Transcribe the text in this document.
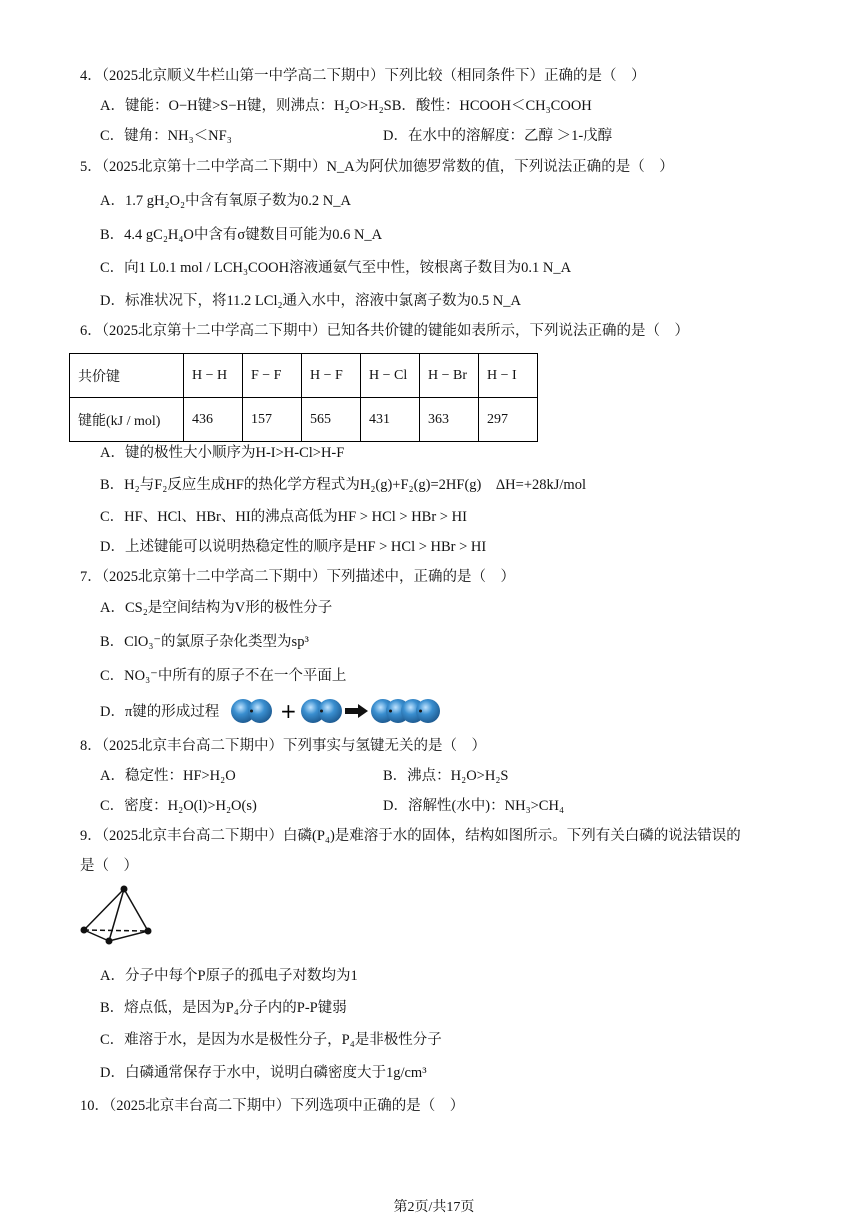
4．（2025北京顺义牛栏山第一中学高二下期中）下列比较（相同条件下）正确的是（　）
A．键能：O−H键>S−H键，则沸点：H₂O>H₂SB．酸性：HCOOH＜CH₃COOH
C．键角：NH₃＜NF₃	D．在水中的溶解度：乙醇 ＞1-戊醇
5．（2025北京第十二中学高二下期中）N_A为阿伏加德罗常数的值，下列说法正确的是（　）
A．1.7 gH₂O₂中含有氧原子数为0.2 N_A
B．4.4 gC₂H₄O中含有σ键数目可能为0.6 N_A
C．向1 L0.1 mol / LCH₃COOH溶液通氨气至中性，铵根离子数目为0.1 N_A
D．标准状况下，将11.2 LCl₂通入水中，溶液中氯离子数为0.5 N_A
6．（2025北京第十二中学高二下期中）已知各共价键的键能如表所示，下列说法正确的是（　）
共价键	H − H	F − F	H − F	H − Cl	H − Br	H − I
键能(kJ / mol)	436	157	565	431	363	297
A．键的极性大小顺序为H-I>H-Cl>H-F
B．H₂与F₂反应生成HF的热化学方程式为H₂(g)+F₂(g)=2HF(g)　ΔH=+28kJ/mol
C．HF、HCl、HBr、HI的沸点高低为HF > HCl > HBr > HI
D．上述键能可以说明热稳定性的顺序是HF > HCl > HBr > HI
7．（2025北京第十二中学高二下期中）下列描述中，正确的是（　）
A．CS₂是空间结构为V形的极性分子
B．ClO₃⁻的氯原子杂化类型为sp³
C．NO₃⁻中所有的原子不在一个平面上
D．π键的形成过程	+
8．（2025北京丰台高二下期中）下列事实与氢键无关的是（　）
A．稳定性：HF>H₂O	B．沸点：H₂O>H₂S
C．密度：H₂O(l)>H₂O(s)	D．溶解性(水中)：NH₃>CH₄
9．（2025北京丰台高二下期中）白磷(P₄)是难溶于水的固体，结构如图所示。下列有关白磷的说法错误的
是（　）
A．分子中每个P原子的孤电子对数均为1
B．熔点低，是因为P₄分子内的P-P键弱
C．难溶于水，是因为水是极性分子，P₄是非极性分子
D．白磷通常保存于水中，说明白磷密度大于1g/cm³
10．（2025北京丰台高二下期中）下列选项中正确的是（　）
第2页/共17页
